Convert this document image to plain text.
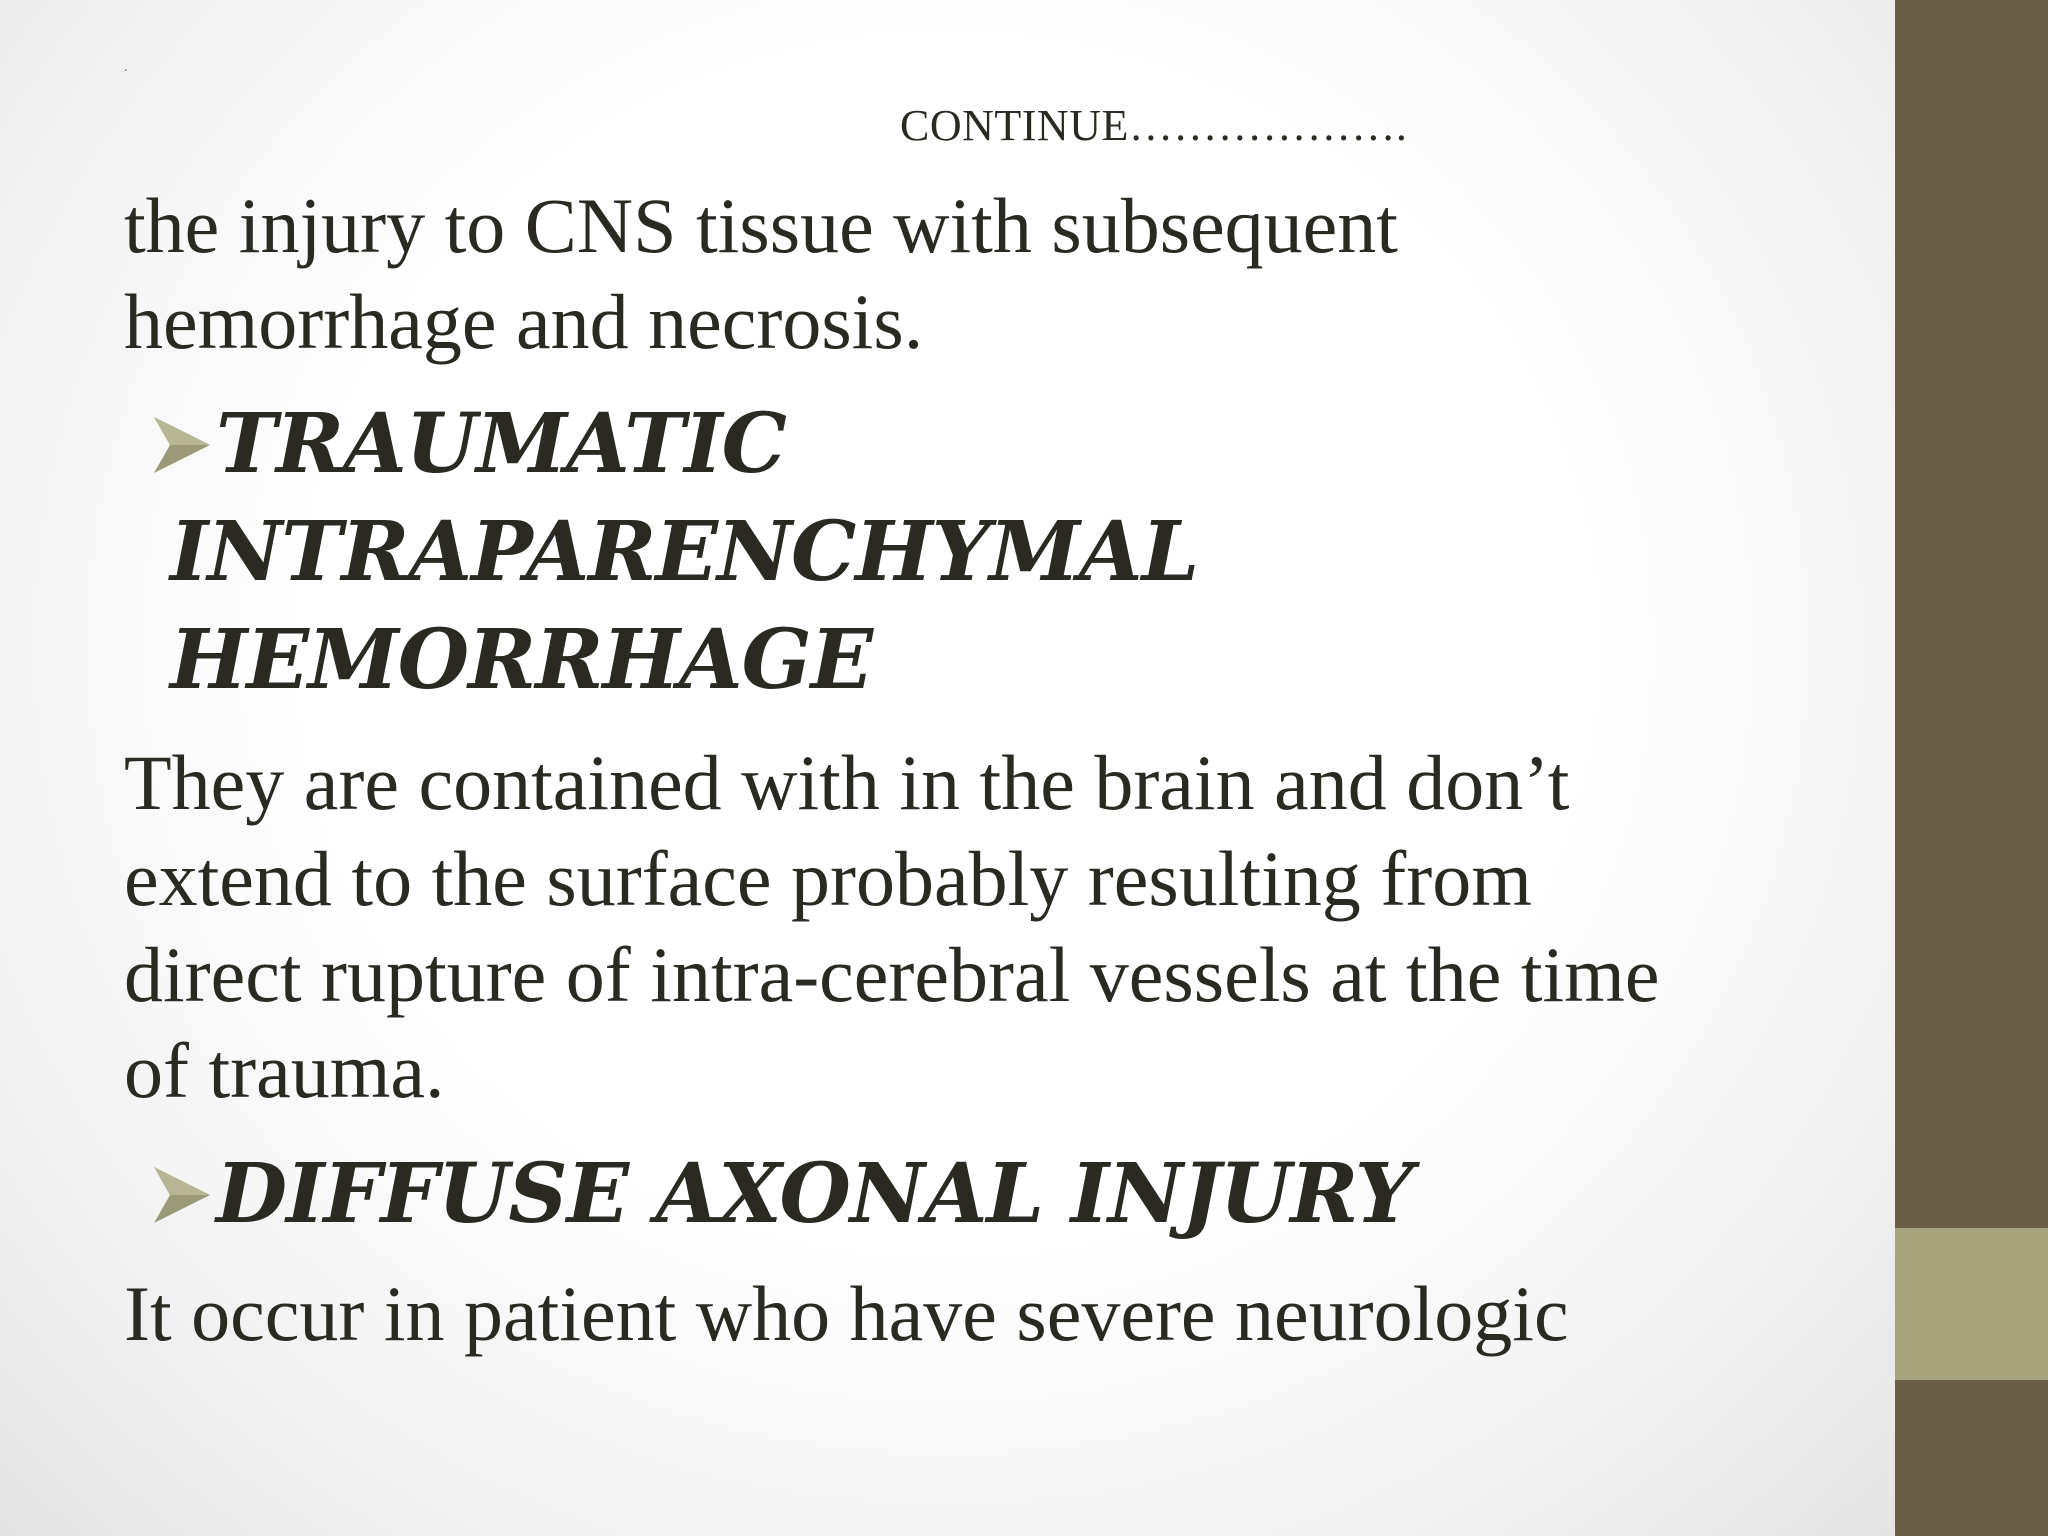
.
CONTINUE……………….
the injury to CNS tissue with subsequent
hemorrhage and necrosis.
TRAUMATIC
INTRAPARENCHYMAL
HEMORRHAGE
They are contained with in the brain and don’t
extend to the surface probably resulting from
direct rupture of intra-cerebral vessels at the time
of trauma.
DIFFUSE AXONAL INJURY
It occur in patient who have severe neurologic
